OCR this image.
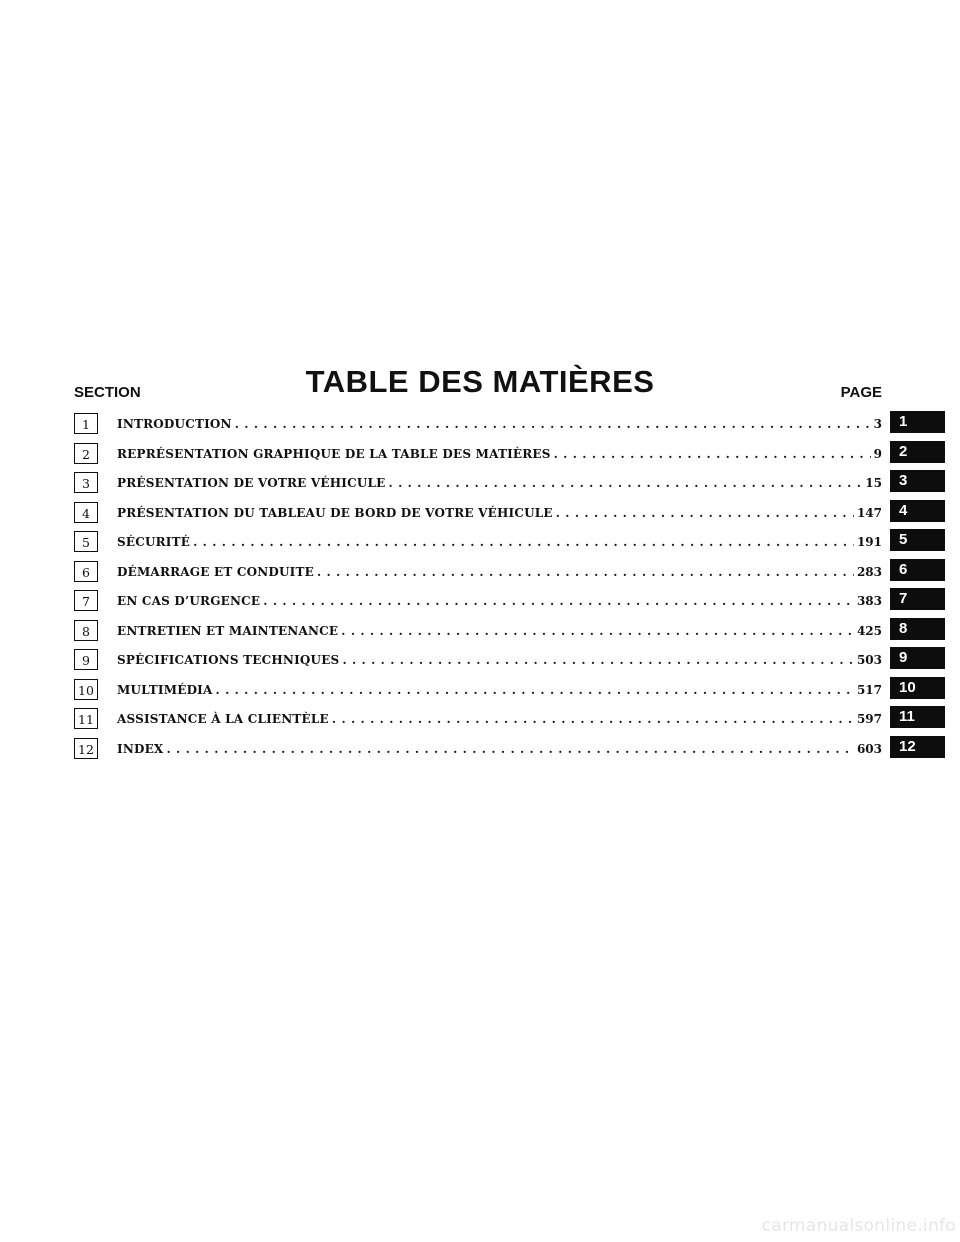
TABLE DES MATIÈRES
SECTION	PAGE
1	INTRODUCTION . . .	3	1
2	REPRÉSENTATION GRAPHIQUE DE LA TABLE DES MATIÈRES . . .	9	2
3	PRÉSENTATION DE VOTRE VÉHICULE . . .	15	3
4	PRÉSENTATION DU TABLEAU DE BORD DE VOTRE VÉHICULE . . .	147	4
5	SÉCURITÉ . . .	191	5
6	DÉMARRAGE ET CONDUITE . . .	283	6
7	EN CAS D’URGENCE . . .	383	7
8	ENTRETIEN ET MAINTENANCE . . .	425	8
9	SPÉCIFICATIONS TECHNIQUES . . .	503	9
10	MULTIMÉDIA . . .	517	10
11	ASSISTANCE À LA CLIENTÈLE . . .	597	11
12	INDEX . . .	603	12
carmanualsonline.info
